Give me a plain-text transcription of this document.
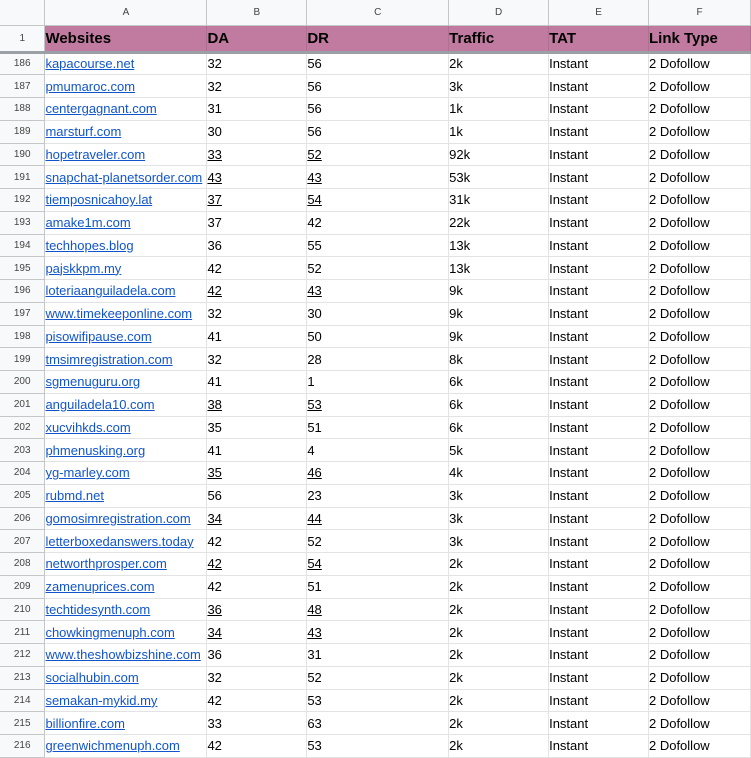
	A	B	C	D	E	F
1	Websites	DA	DR	Traffic	TAT	Link Type
186	kapacourse.net	32	56	2k	Instant	2 Dofollow
187	pmumaroc.com	32	56	3k	Instant	2 Dofollow
188	centergagnant.com	31	56	1k	Instant	2 Dofollow
189	marsturf.com	30	56	1k	Instant	2 Dofollow
190	hopetraveler.com	33	52	92k	Instant	2 Dofollow
191	snapchat-planetsorder.com	43	43	53k	Instant	2 Dofollow
192	tiemposnicahoy.lat	37	54	31k	Instant	2 Dofollow
193	amake1m.com	37	42	22k	Instant	2 Dofollow
194	techhopes.blog	36	55	13k	Instant	2 Dofollow
195	pajskkpm.my	42	52	13k	Instant	2 Dofollow
196	loteriaanguiladela.com	42	43	9k	Instant	2 Dofollow
197	www.timekeeponline.com	32	30	9k	Instant	2 Dofollow
198	pisowifipause.com	41	50	9k	Instant	2 Dofollow
199	tmsimregistration.com	32	28	8k	Instant	2 Dofollow
200	sgmenuguru.org	41	1	6k	Instant	2 Dofollow
201	anguiladela10.com	38	53	6k	Instant	2 Dofollow
202	xucvihkds.com	35	51	6k	Instant	2 Dofollow
203	phmenusking.org	41	4	5k	Instant	2 Dofollow
204	yg-marley.com	35	46	4k	Instant	2 Dofollow
205	rubmd.net	56	23	3k	Instant	2 Dofollow
206	gomosimregistration.com	34	44	3k	Instant	2 Dofollow
207	letterboxedanswers.today	42	52	3k	Instant	2 Dofollow
208	networthprosper.com	42	54	2k	Instant	2 Dofollow
209	zamenuprices.com	42	51	2k	Instant	2 Dofollow
210	techtidesynth.com	36	48	2k	Instant	2 Dofollow
211	chowkingmenuph.com	34	43	2k	Instant	2 Dofollow
212	www.theshowbizshine.com	36	31	2k	Instant	2 Dofollow
213	socialhubin.com	32	52	2k	Instant	2 Dofollow
214	semakan-mykid.my	42	53	2k	Instant	2 Dofollow
215	billionfire.com	33	63	2k	Instant	2 Dofollow
216	greenwichmenuph.com	42	53	2k	Instant	2 Dofollow
